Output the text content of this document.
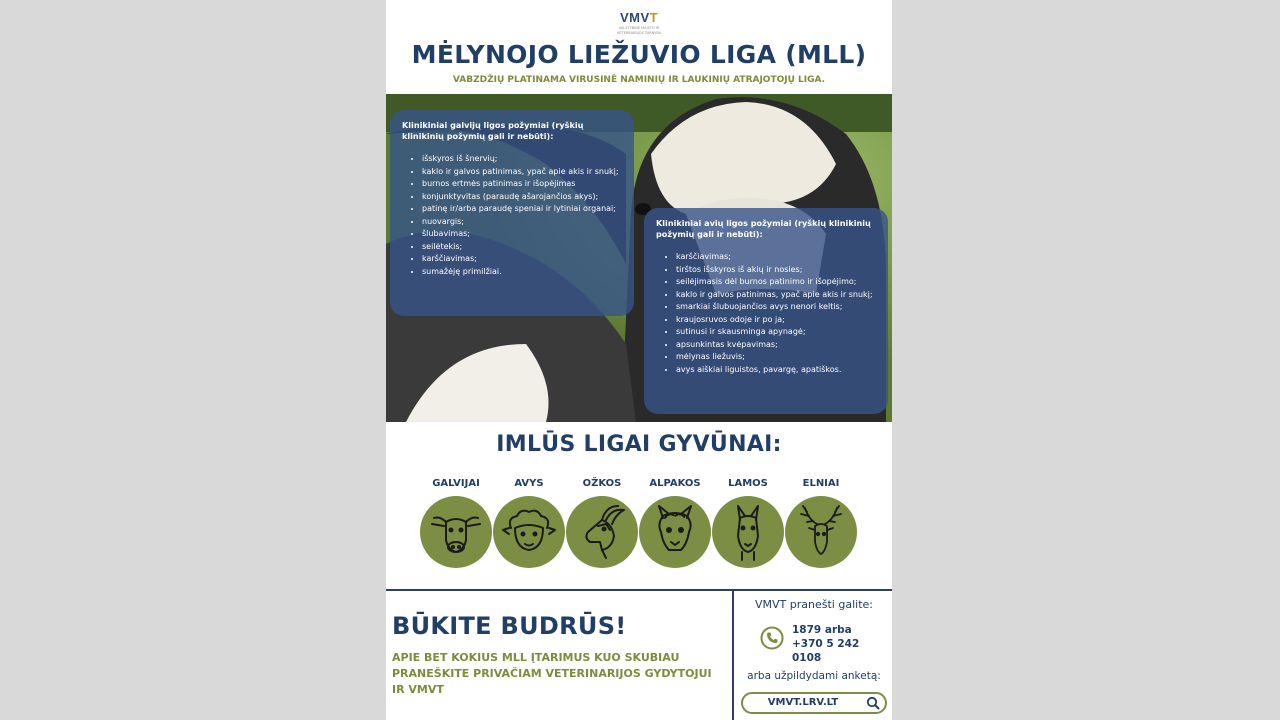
VMVT
VALSTYBINĖ MAISTO IR
VETERINARIJOS TARNYBA
MĖLYNOJO LIEŽUVIO LIGA (MLL)
VABZDŽIŲ PLATINAMA VIRUSINĖ NAMINIŲ IR LAUKINIŲ ATRAJOTOJŲ LIGA.
Klinikiniai galvijų ligos požymiai (ryškių klinikinių požymių gali ir nebūti):
• išskyros iš šnervių;
• kaklo ir galvos patinimas, ypač apie akis ir snukį;
• burnos ertmės patinimas ir išopėjimas
• konjunktyvitas (paraudę ašarojančios akys);
• patinę ir/arba paraudę speniai ir lytiniai organai;
• nuovargis;
• šlubavimas;
• seilėtekis;
• karščiavimas;
• sumažėję primilžiai.
Klinikiniai avių ligos požymiai (ryškių klinikinių požymių gali ir nebūti):
• karščiavimas;
• tirštos išskyros iš akių ir nosies;
• seilėjimasis dėl burnos patinimo ir išopėjimo;
• kaklo ir galvos patinimas, ypač apie akis ir snukį;
• smarkiai šlubuojančios avys nenori keltis;
• kraujosruvos odoje ir po ja;
• sutinusi ir skausminga apynagė;
• apsunkintas kvėpavimas;
• mėlynas liežuvis;
• avys aiškiai liguistos, pavargę, apatiškos.
IMLŪS LIGAI GYVŪNAI:
GALVIJAI	AVYS	OŽKOS	ALPAKOS	LAMOS	ELNIAI
BŪKITE BUDRŪS!
APIE BET KOKIUS MLL ĮTARIMUS KUO SKUBIAU PRANEŠKITE PRIVAČIAM VETERINARIJOS GYDYTOJUI IR VMVT
VMVT pranešti galite:
1879 arba
+370 5 242 0108
arba užpildydami anketą:
VMVT.LRV.LT
